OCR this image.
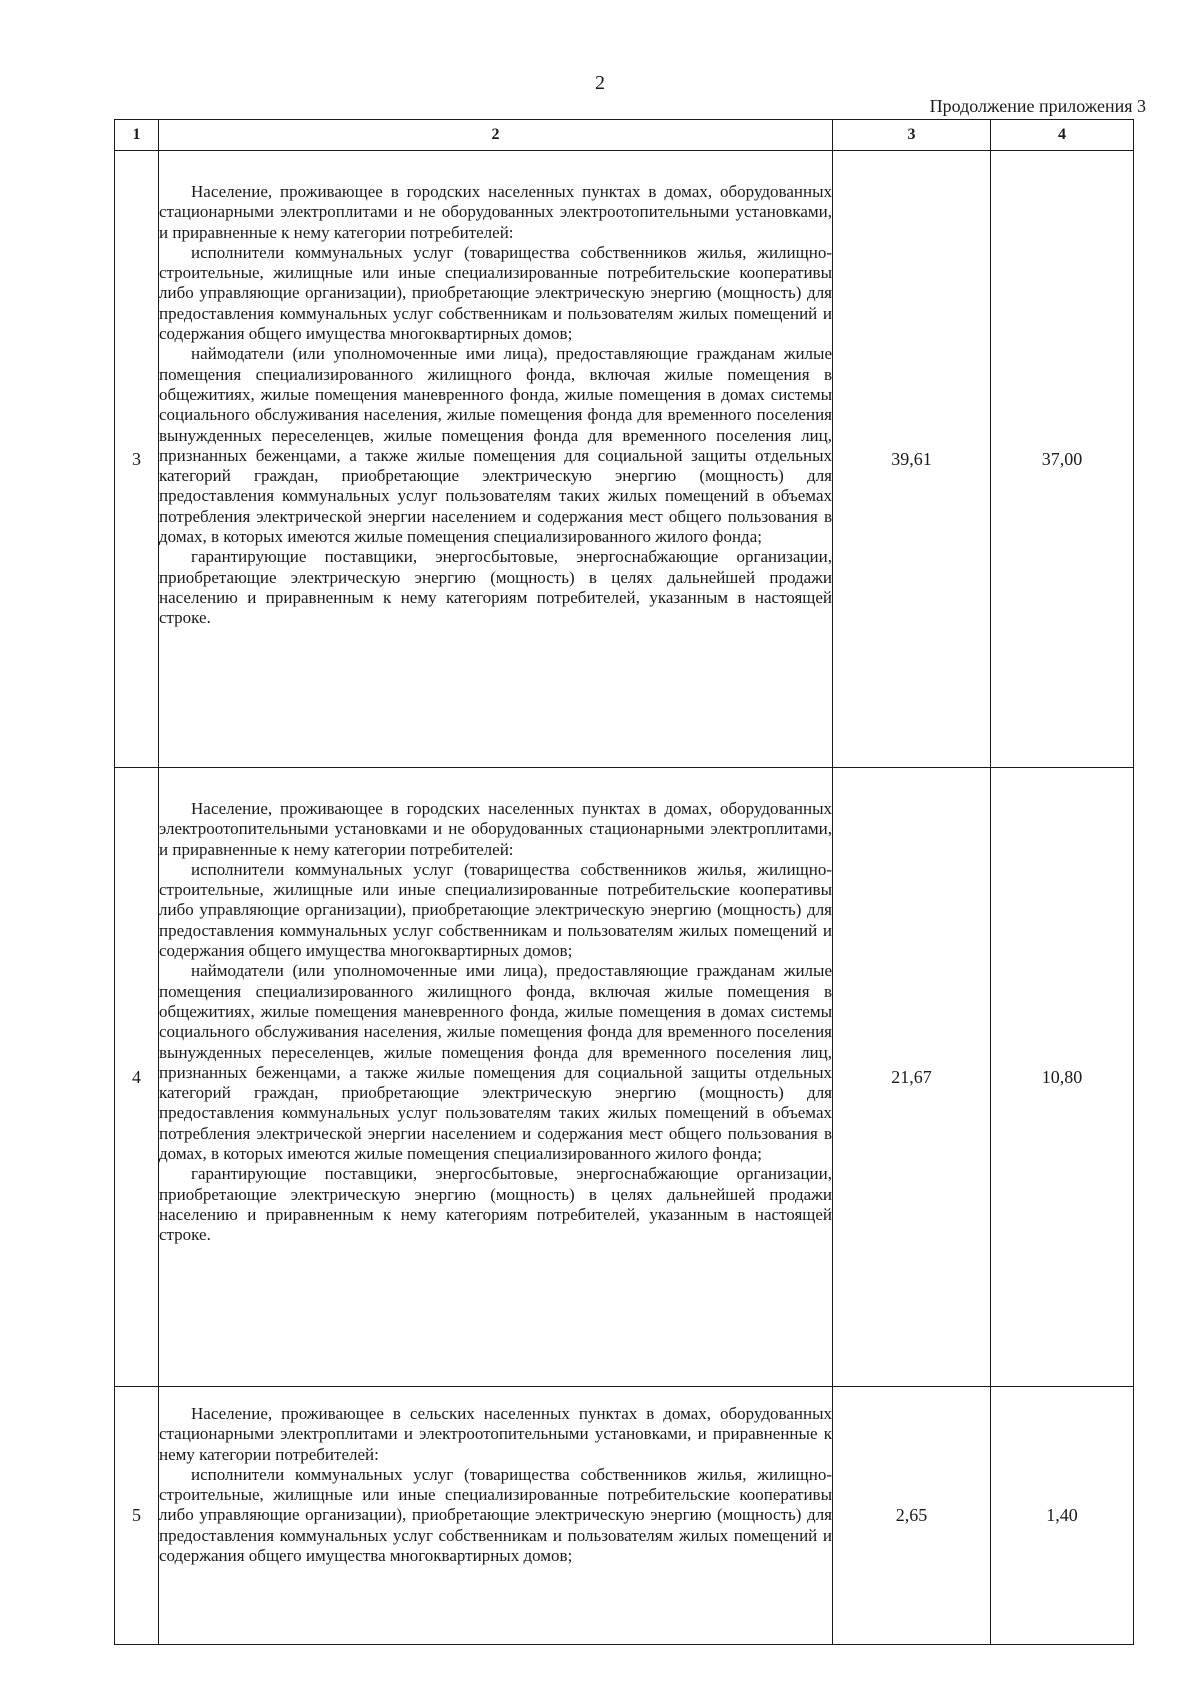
2
Продолжение приложения 3
1	2	3	4
3	Население, проживающее в городских населенных пунктах в домах, оборудованных стационарными электроплитами и не оборудованных электроотопительными установками, и приравненные к нему категории потребителей:

исполнители коммунальных услуг (товарищества собственников жилья, жилищно-строительные, жилищные или иные специализированные потребительские кооперативы либо управляющие организации), приобретающие электрическую энергию (мощность) для предоставления коммунальных услуг собственникам и пользователям жилых помещений и содержания общего имущества многоквартирных домов;

наймодатели (или уполномоченные ими лица), предоставляющие гражданам жилые помещения специализированного жилищного фонда, включая жилые помещения в общежитиях, жилые помещения маневренного фонда, жилые помещения в домах системы социального обслуживания населения, жилые помещения фонда для временного поселения вынужденных переселенцев, жилые помещения фонда для временного поселения лиц, признанных беженцами, а также жилые помещения для социальной защиты отдельных категорий граждан, приобретающие электрическую энергию (мощность) для предоставления коммунальных услуг пользователям таких жилых помещений в объемах потребления электрической энергии населением и содержания мест общего пользования в домах, в которых имеются жилые помещения специализированного жилого фонда;

гарантирующие поставщики, энергосбытовые, энергоснабжающие организации, приобретающие электрическую энергию (мощность) в целях дальнейшей продажи населению и приравненным к нему категориям потребителей, указанным в настоящей строке.	39,61	37,00
4	Население, проживающее в городских населенных пунктах в домах, оборудованных электроотопительными установками и не оборудованных стационарными электроплитами, и приравненные к нему категории потребителей:

исполнители коммунальных услуг (товарищества собственников жилья, жилищно-строительные, жилищные или иные специализированные потребительские кооперативы либо управляющие организации), приобретающие электрическую энергию (мощность) для предоставления коммунальных услуг собственникам и пользователям жилых помещений и содержания общего имущества многоквартирных домов;

наймодатели (или уполномоченные ими лица), предоставляющие гражданам жилые помещения специализированного жилищного фонда, включая жилые помещения в общежитиях, жилые помещения маневренного фонда, жилые помещения в домах системы социального обслуживания населения, жилые помещения фонда для временного поселения вынужденных переселенцев, жилые помещения фонда для временного поселения лиц, признанных беженцами, а также жилые помещения для социальной защиты отдельных категорий граждан, приобретающие электрическую энергию (мощность) для предоставления коммунальных услуг пользователям таких жилых помещений в объемах потребления электрической энергии населением и содержания мест общего пользования в домах, в которых имеются жилые помещения специализированного жилого фонда;

гарантирующие поставщики, энергосбытовые, энергоснабжающие организации, приобретающие электрическую энергию (мощность) в целях дальнейшей продажи населению и приравненным к нему категориям потребителей, указанным в настоящей строке.	21,67	10,80
5	Население, проживающее в сельских населенных пунктах в домах, оборудованных стационарными электроплитами и электроотопительными установками, и приравненные к нему категории потребителей:

исполнители коммунальных услуг (товарищества собственников жилья, жилищно-строительные, жилищные или иные специализированные потребительские кооперативы либо управляющие организации), приобретающие электрическую энергию (мощность) для предоставления коммунальных услуг собственникам и пользователям жилых помещений и содержания общего имущества многоквартирных домов;	2,65	1,40
